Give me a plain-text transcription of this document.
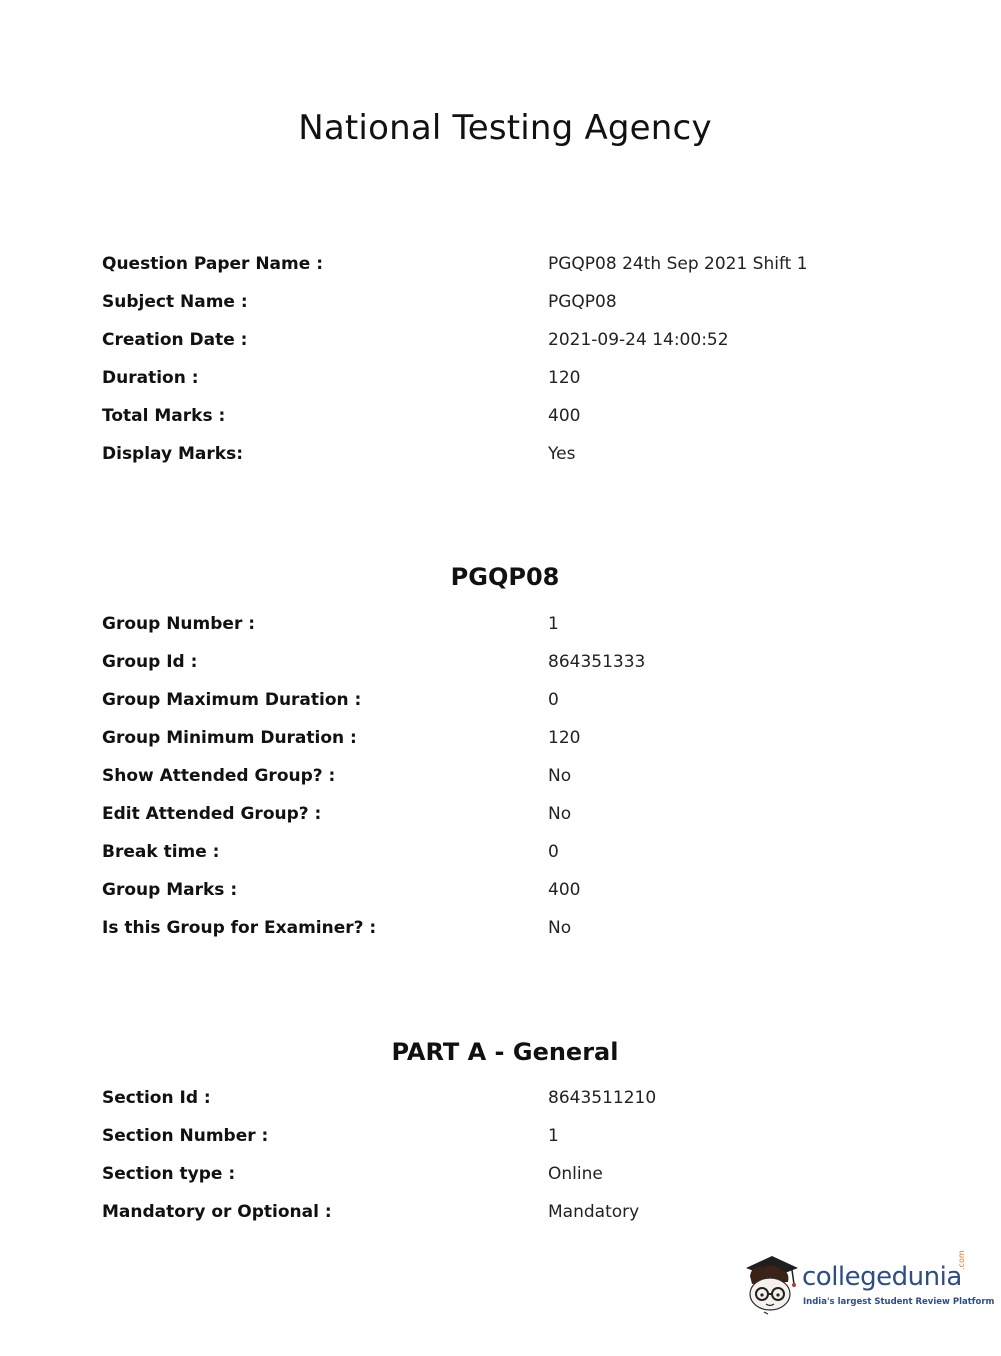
National Testing Agency
Question Paper Name :	PGQP08 24th Sep 2021 Shift 1
Subject Name :	PGQP08
Creation Date :	2021-09-24 14:00:52
Duration :	120
Total Marks :	400
Display Marks:	Yes
PGQP08
Group Number :	1
Group Id :	864351333
Group Maximum Duration :	0
Group Minimum Duration :	120
Show Attended Group? :	No
Edit Attended Group? :	No
Break time :	0
Group Marks :	400
Is this Group for Examiner? :	No
PART A - General
Section Id :	8643511210
Section Number :	1
Section type :	Online
Mandatory or Optional :	Mandatory
collegedunia
.com
India's largest Student Review Platform
